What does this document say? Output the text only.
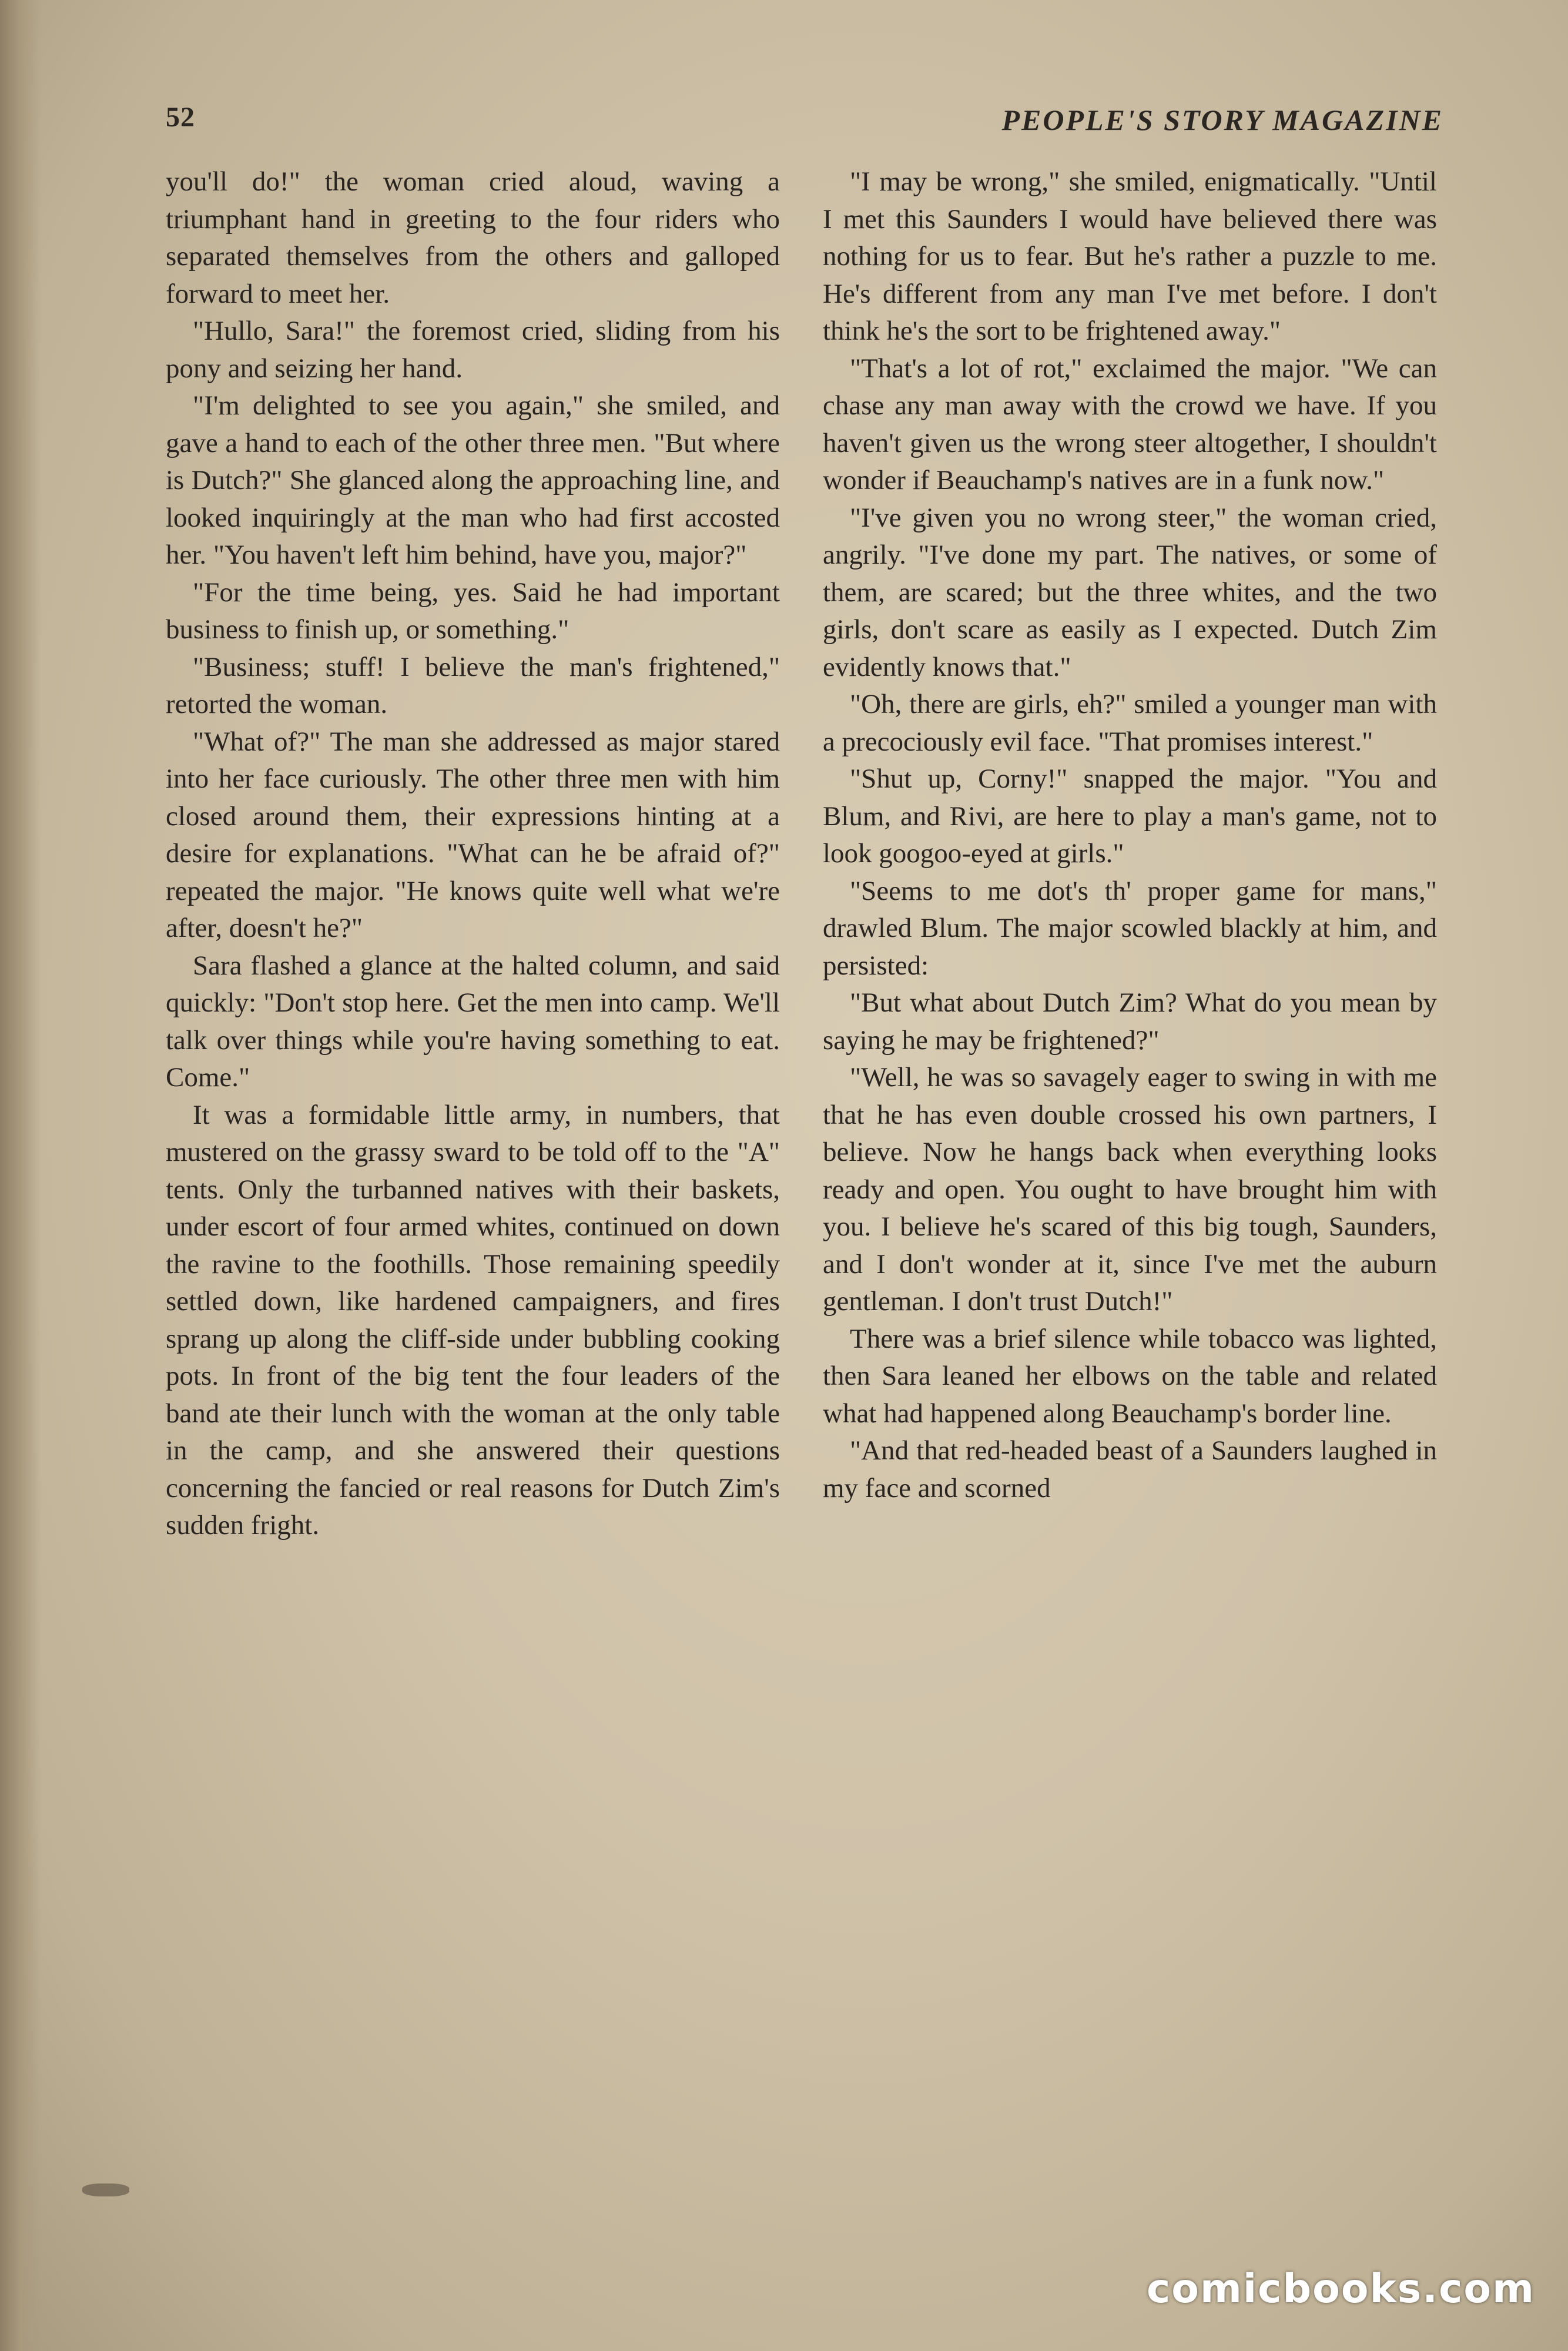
52	PEOPLE'S STORY MAGAZINE

you'll do!" the woman cried aloud, waving a triumphant hand in greeting to the four riders who separated themselves from the others and galloped forward to meet her.

"Hullo, Sara!" the foremost cried, sliding from his pony and seizing her hand.

"I'm delighted to see you again," she smiled, and gave a hand to each of the other three men. "But where is Dutch?" She glanced along the approaching line, and looked inquiringly at the man who had first accosted her. "You haven't left him behind, have you, major?"

"For the time being, yes. Said he had important business to finish up, or something."

"Business; stuff! I believe the man's frightened," retorted the woman.

"What of?" The man she addressed as major stared into her face curiously. The other three men with him closed around them, their expressions hinting at a desire for explanations. "What can he be afraid of?" repeated the major. "He knows quite well what we're after, doesn't he?"

Sara flashed a glance at the halted column, and said quickly: "Don't stop here. Get the men into camp. We'll talk over things while you're having something to eat. Come."

It was a formidable little army, in numbers, that mustered on the grassy sward to be told off to the "A" tents. Only the turbanned natives with their baskets, under escort of four armed whites, continued on down the ravine to the foothills. Those remaining speedily settled down, like hardened campaigners, and fires sprang up along the cliff-side under bubbling cooking pots. In front of the big tent the four leaders of the band ate their lunch with the woman at the only table in the camp, and she answered their questions concerning the fancied or real reasons for Dutch Zim's sudden fright.

"I may be wrong," she smiled, enigmatically. "Until I met this Saunders I would have believed there was nothing for us to fear. But he's rather a puzzle to me. He's different from any man I've met before. I don't think he's the sort to be frightened away."

"That's a lot of rot," exclaimed the major. "We can chase any man away with the crowd we have. If you haven't given us the wrong steer altogether, I shouldn't wonder if Beauchamp's natives are in a funk now."

"I've given you no wrong steer," the woman cried, angrily. "I've done my part. The natives, or some of them, are scared; but the three whites, and the two girls, don't scare as easily as I expected. Dutch Zim evidently knows that."

"Oh, there are girls, eh?" smiled a younger man with a precociously evil face. "That promises interest."

"Shut up, Corny!" snapped the major. "You and Blum, and Rivi, are here to play a man's game, not to look googoo-eyed at girls."

"Seems to me dot's th' proper game for mans," drawled Blum. The major scowled blackly at him, and persisted:

"But what about Dutch Zim? What do you mean by saying he may be frightened?"

"Well, he was so savagely eager to swing in with me that he has even double crossed his own partners, I believe. Now he hangs back when everything looks ready and open. You ought to have brought him with you. I believe he's scared of this big tough, Saunders, and I don't wonder at it, since I've met the auburn gentleman. I don't trust Dutch!"

There was a brief silence while tobacco was lighted, then Sara leaned her elbows on the table and related what had happened along Beauchamp's border line.

"And that red-headed beast of a Saunders laughed in my face and scorned

comicbooks.com
